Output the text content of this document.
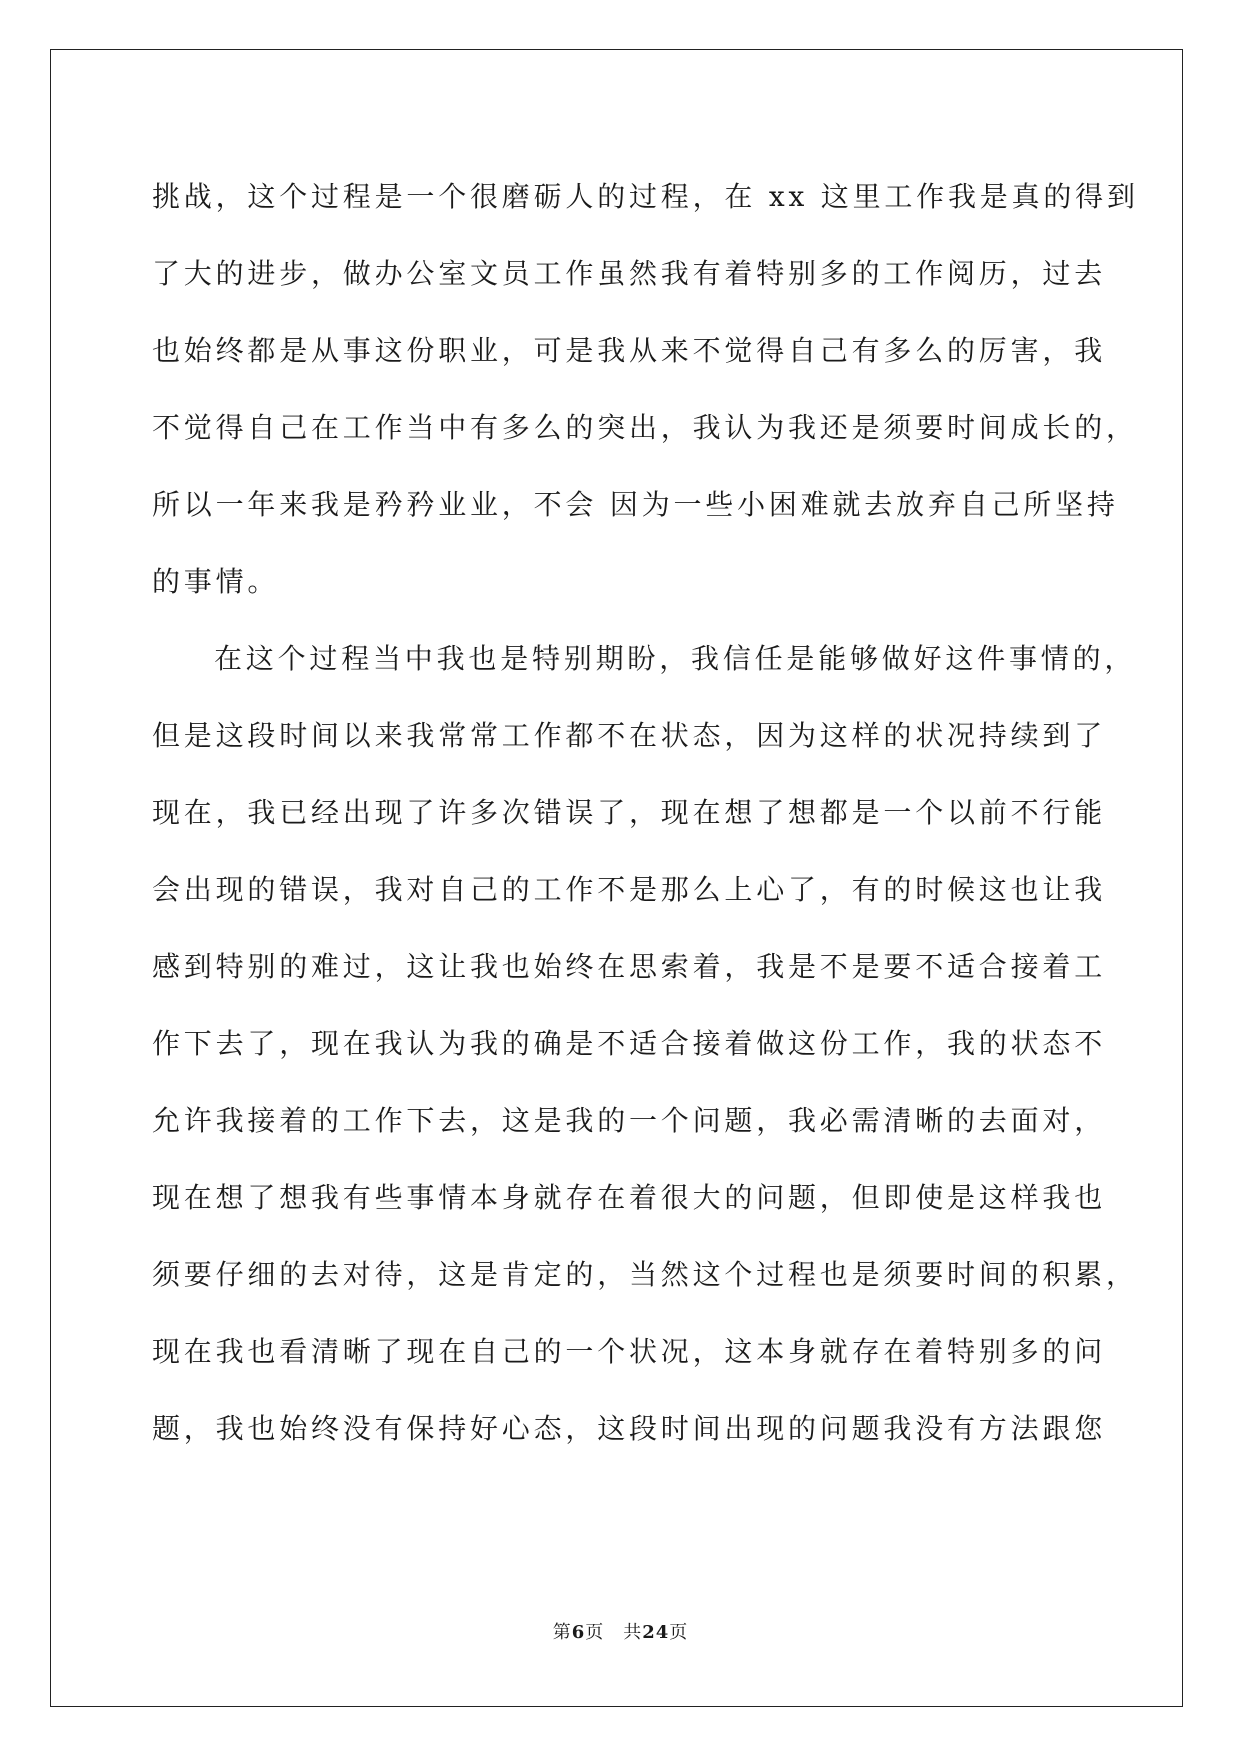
挑战，这个过程是一个很磨砺人的过程，在 xx 这里工作我是真的得到
了大的进步，做办公室文员工作虽然我有着特别多的工作阅历，过去
也始终都是从事这份职业，可是我从来不觉得自己有多么的厉害，我
不觉得自己在工作当中有多么的突出，我认为我还是须要时间成长的，
所以一年来我是矜矜业业，不会 因为一些小困难就去放弃自己所坚持
的事情。
在这个过程当中我也是特别期盼，我信任是能够做好这件事情的，
但是这段时间以来我常常工作都不在状态，因为这样的状况持续到了
现在，我已经出现了许多次错误了，现在想了想都是一个以前不行能
会出现的错误，我对自己的工作不是那么上心了，有的时候这也让我
感到特别的难过，这让我也始终在思索着，我是不是要不适合接着工
作下去了，现在我认为我的确是不适合接着做这份工作，我的状态不
允许我接着的工作下去，这是我的一个问题，我必需清晰的去面对，
现在想了想我有些事情本身就存在着很大的问题，但即使是这样我也
须要仔细的去对待，这是肯定的，当然这个过程也是须要时间的积累，
现在我也看清晰了现在自己的一个状况，这本身就存在着特别多的问
题，我也始终没有保持好心态，这段时间出现的问题我没有方法跟您
第6页　共24页
